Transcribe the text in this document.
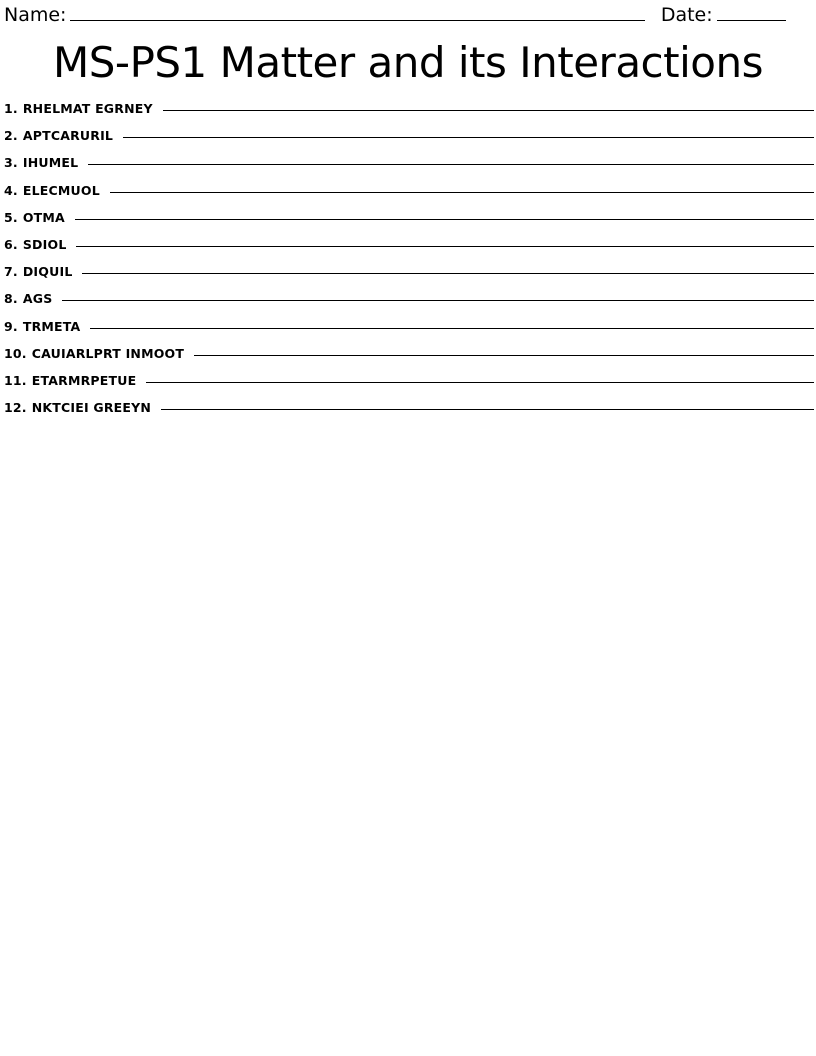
Name:	Date:
MS-PS1 Matter and its Interactions
1. RHELMAT EGRNEY
2. APTCARURIL
3. IHUMEL
4. ELECMUOL
5. OTMA
6. SDIOL
7. DIQUIL
8. AGS
9. TRMETA
10. CAUIARLPRT INMOOT
11. ETARMRPETUE
12. NKTCIEI GREEYN
